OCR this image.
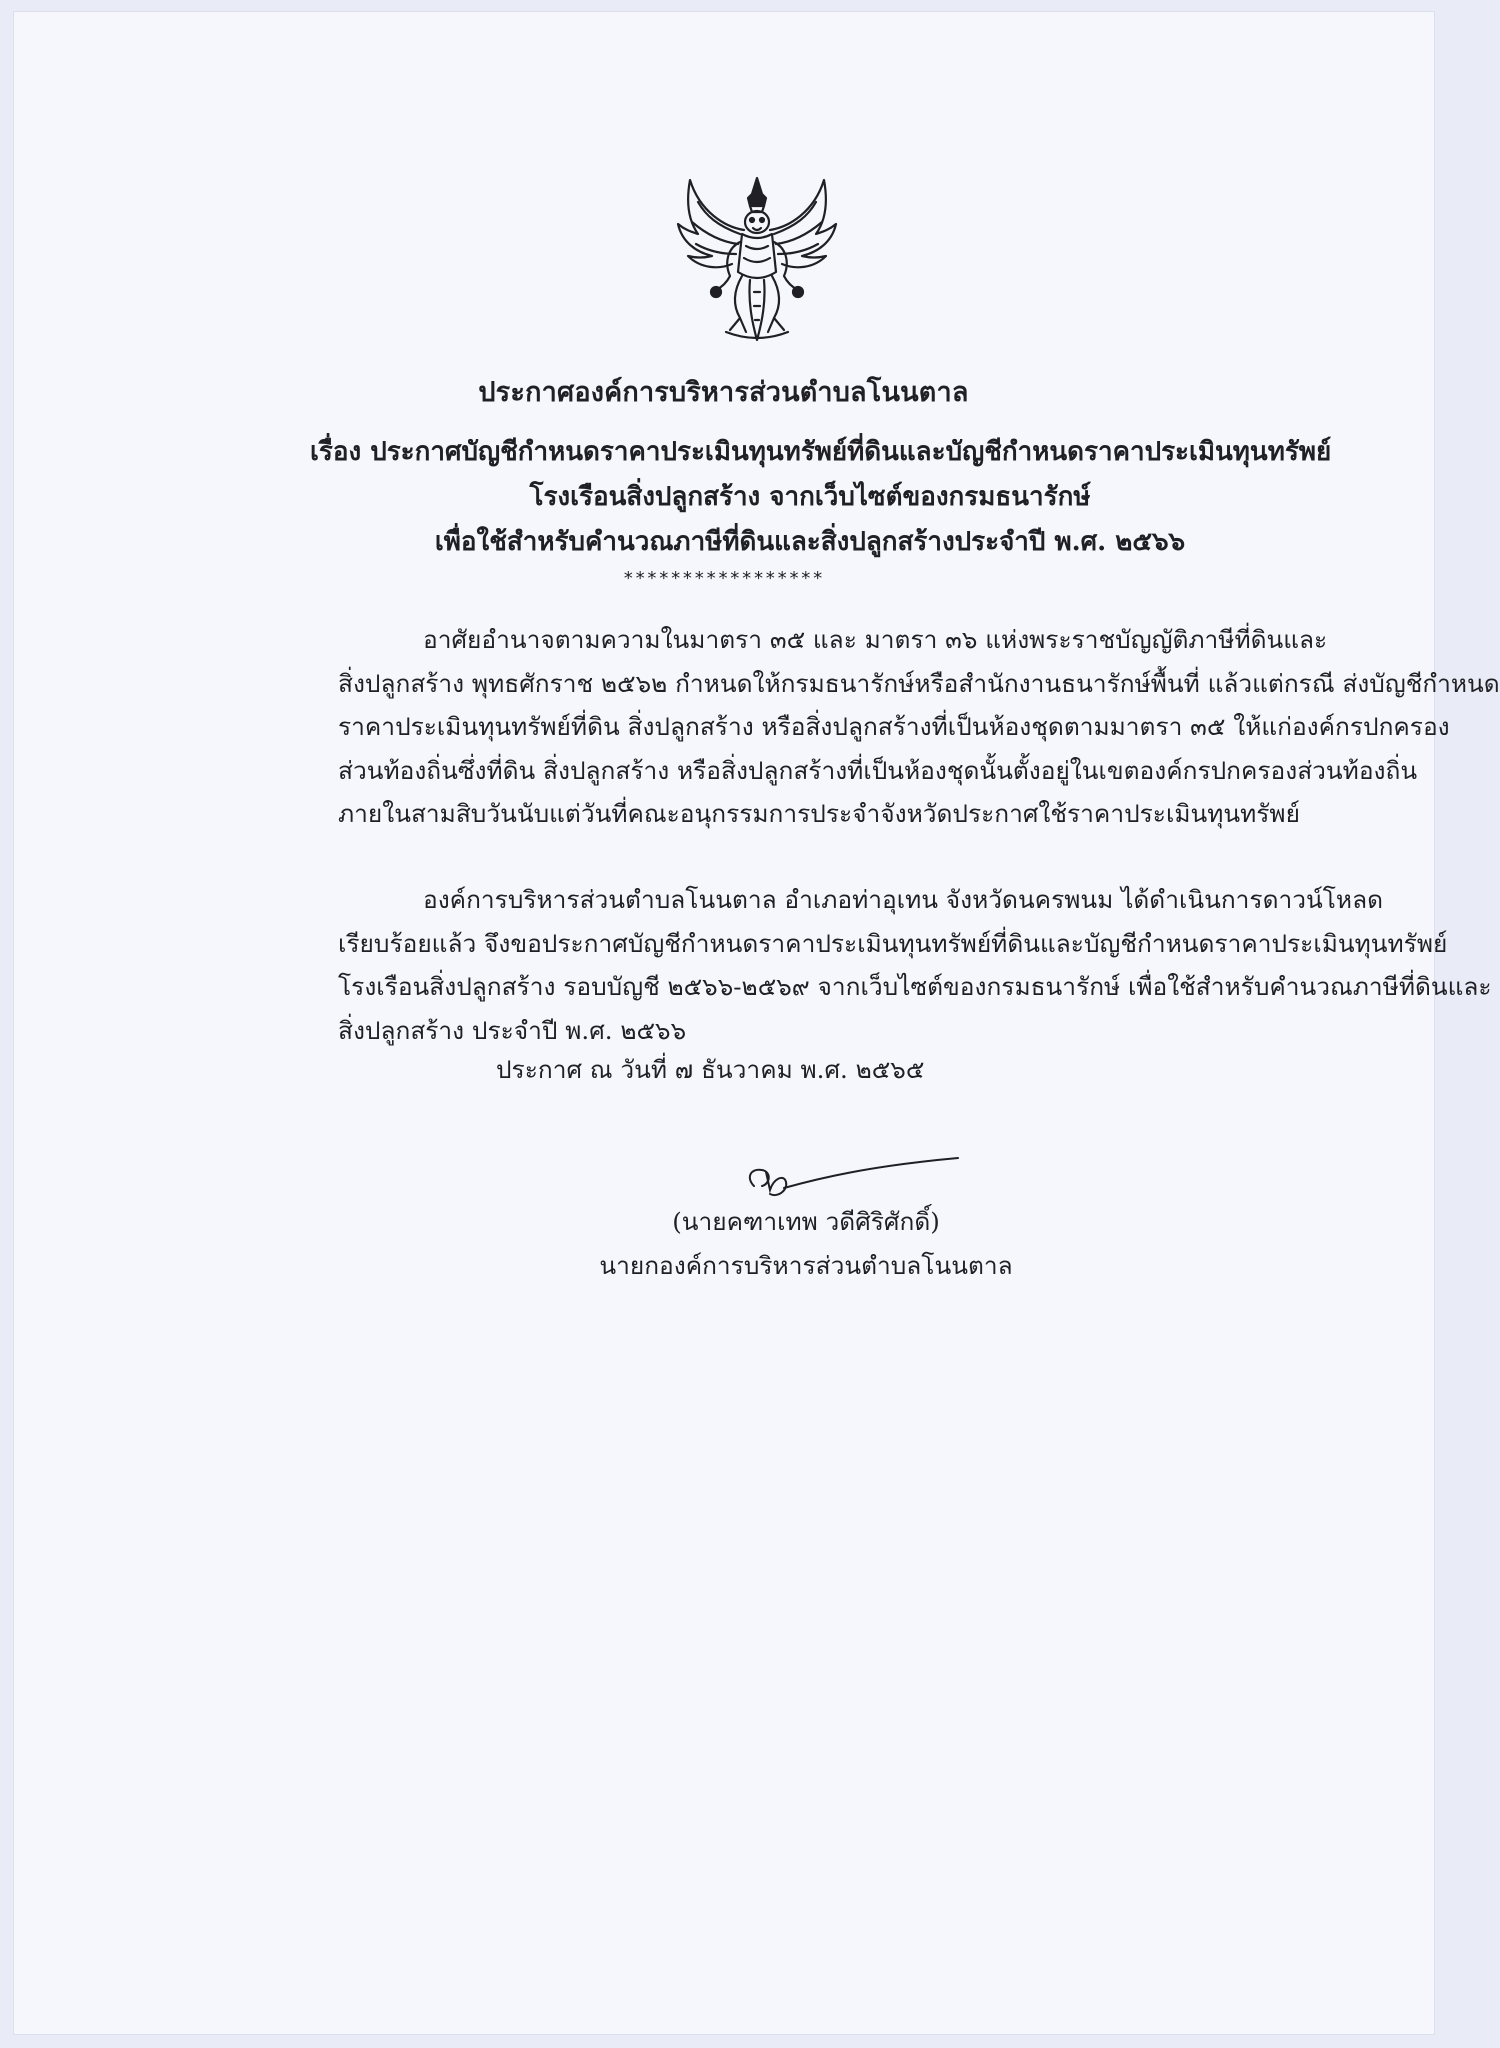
ประกาศองค์การบริหารส่วนตำบลโนนตาล
เรื่อง ประกาศบัญชีกำหนดราคาประเมินทุนทรัพย์ที่ดินและบัญชีกำหนดราคาประเมินทุนทรัพย์
โรงเรือนสิ่งปลูกสร้าง จากเว็บไซต์ของกรมธนารักษ์
เพื่อใช้สำหรับคำนวณภาษีที่ดินและสิ่งปลูกสร้างประจำปี พ.ศ. ๒๕๖๖
*****************
อาศัยอำนาจตามความในมาตรา ๓๕ และ มาตรา ๓๖ แห่งพระราชบัญญัติภาษีที่ดินและ
สิ่งปลูกสร้าง พุทธศักราช ๒๕๖๒ กำหนดให้กรมธนารักษ์หรือสำนักงานธนารักษ์พื้นที่ แล้วแต่กรณี ส่งบัญชีกำหนด
ราคาประเมินทุนทรัพย์ที่ดิน สิ่งปลูกสร้าง หรือสิ่งปลูกสร้างที่เป็นห้องชุดตามมาตรา ๓๕ ให้แก่องค์กรปกครอง
ส่วนท้องถิ่นซึ่งที่ดิน สิ่งปลูกสร้าง หรือสิ่งปลูกสร้างที่เป็นห้องชุดนั้นตั้งอยู่ในเขตองค์กรปกครองส่วนท้องถิ่น
ภายในสามสิบวันนับแต่วันที่คณะอนุกรรมการประจำจังหวัดประกาศใช้ราคาประเมินทุนทรัพย์
องค์การบริหารส่วนตำบลโนนตาล อำเภอท่าอุเทน จังหวัดนครพนม ได้ดำเนินการดาวน์โหลด
เรียบร้อยแล้ว จึงขอประกาศบัญชีกำหนดราคาประเมินทุนทรัพย์ที่ดินและบัญชีกำหนดราคาประเมินทุนทรัพย์
โรงเรือนสิ่งปลูกสร้าง รอบบัญชี ๒๕๖๖-๒๕๖๙ จากเว็บไซต์ของกรมธนารักษ์ เพื่อใช้สำหรับคำนวณภาษีที่ดินและ
สิ่งปลูกสร้าง ประจำปี พ.ศ. ๒๕๖๖
ประกาศ ณ วันที่ ๗ ธันวาคม พ.ศ. ๒๕๖๕
(นายคฑาเทพ วดีศิริศักดิ์)
นายกองค์การบริหารส่วนตำบลโนนตาล
